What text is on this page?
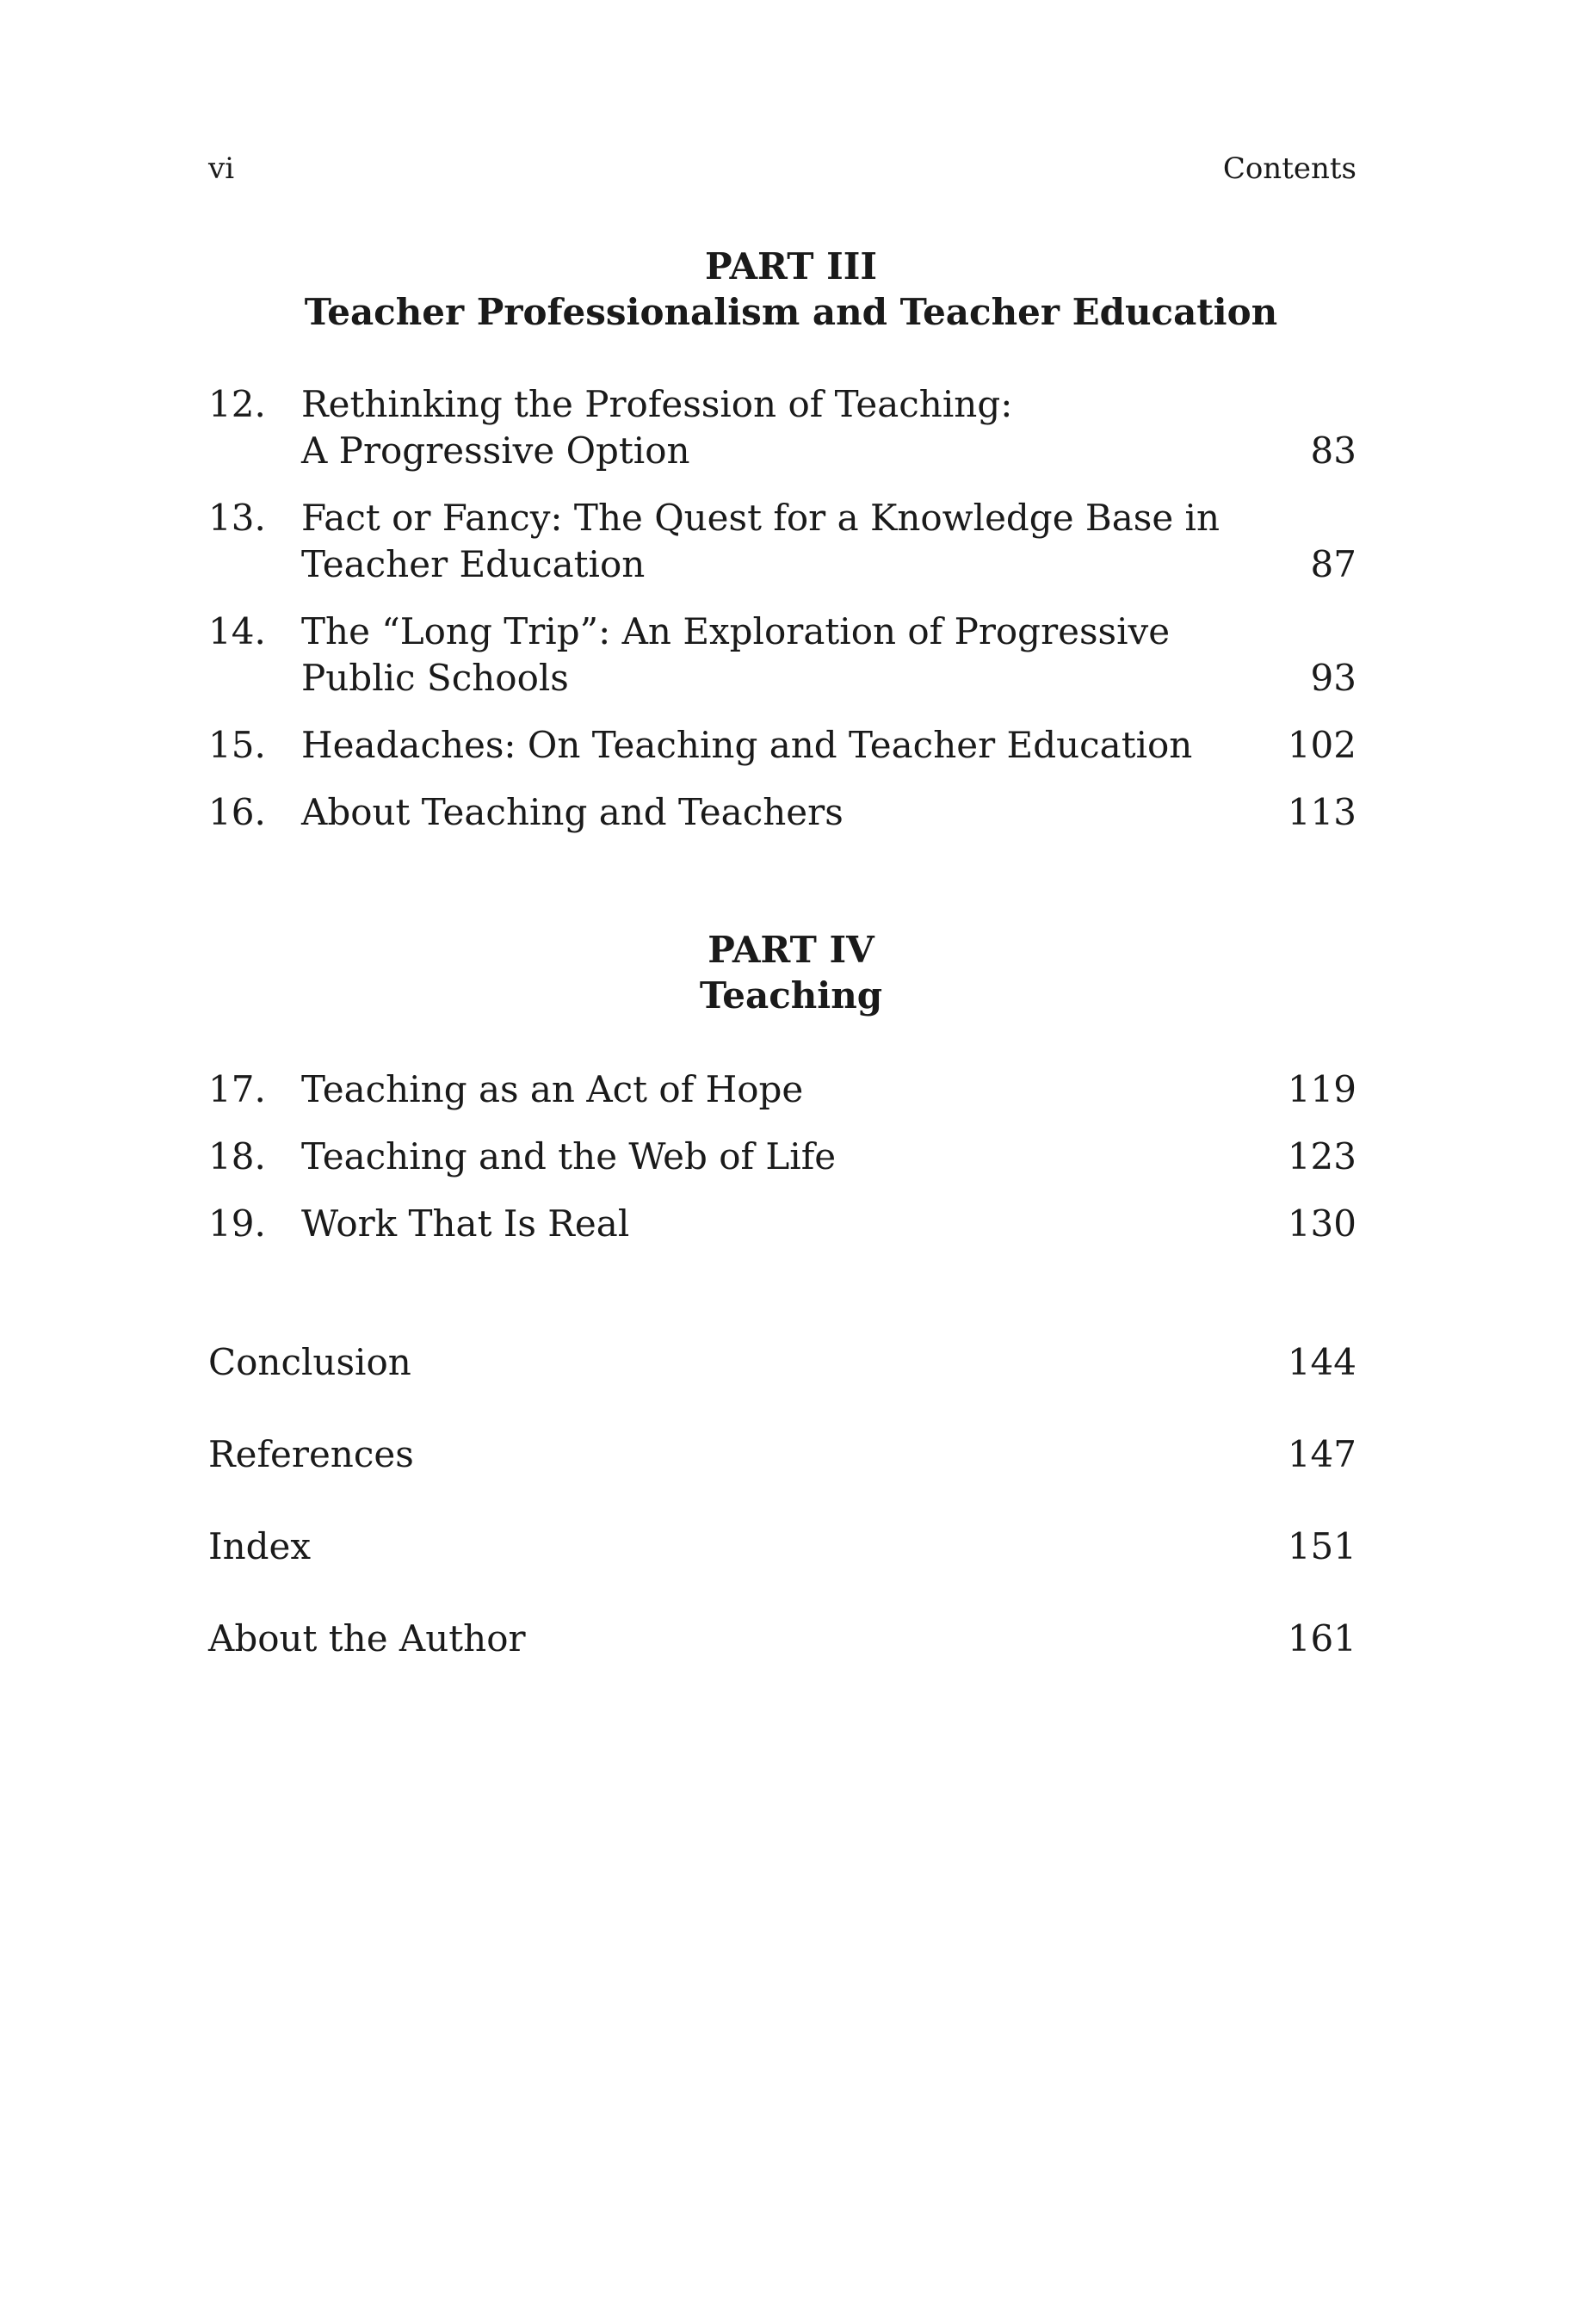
vi	Contents
PART III
Teacher Professionalism and Teacher Education
12. Rethinking the Profession of Teaching:
A Progressive Option	83
13. Fact or Fancy: The Quest for a Knowledge Base in
Teacher Education	87
14. The “Long Trip”: An Exploration of Progressive
Public Schools	93
15. Headaches: On Teaching and Teacher Education	102
16. About Teaching and Teachers	113
PART IV
Teaching
17. Teaching as an Act of Hope	119
18. Teaching and the Web of Life	123
19. Work That Is Real	130
Conclusion	144
References	147
Index	151
About the Author	161
